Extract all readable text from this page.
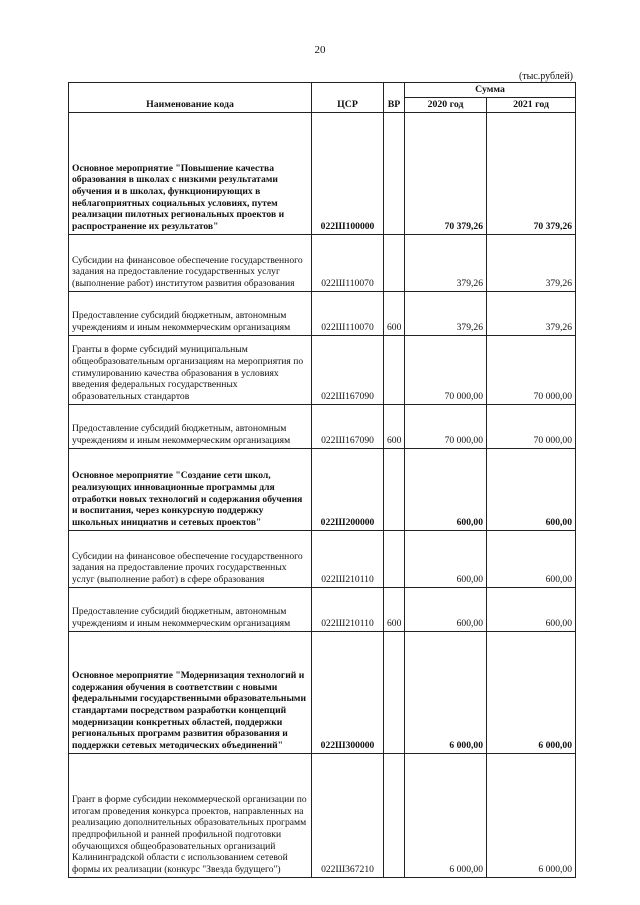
20
(тыс.рублей)
Наименование кода	ЦСР	ВР	Сумма	
			2020 год	2021 год
Основное мероприятие "Повышение качества образования в школах с низкими результатами обучения и в школах, функционирующих в неблагоприятных социальных условиях, путем реализации пилотных региональных проектов и распространение их результатов"	022Ш100000		70 379,26	70 379,26
Субсидии на финансовое обеспечение государственного задания на предоставление государственных услуг (выполнение работ) институтом развития образования	022Ш110070		379,26	379,26
Предоставление субсидий бюджетным, автономным учреждениям и иным некоммерческим организациям	022Ш110070	600	379,26	379,26
Гранты в форме субсидий муниципальным общеобразовательным организациям на мероприятия по стимулированию качества образования в условиях введения федеральных государственных образовательных стандартов	022Ш167090		70 000,00	70 000,00
Предоставление субсидий бюджетным, автономным учреждениям и иным некоммерческим организациям	022Ш167090	600	70 000,00	70 000,00
Основное мероприятие "Создание сети школ, реализующих инновационные программы для отработки новых технологий и содержания обучения и воспитания, через конкурсную поддержку школьных инициатив и сетевых проектов"	022Ш200000		600,00	600,00
Субсидии на финансовое обеспечение государственного задания на предоставление прочих государственных услуг (выполнение работ) в сфере образования	022Ш210110		600,00	600,00
Предоставление субсидий бюджетным, автономным учреждениям и иным некоммерческим организациям	022Ш210110	600	600,00	600,00
Основное мероприятие "Модернизация технологий и содержания обучения в соответствии с новыми федеральными государственными образовательными стандартами посредством разработки концепций модернизации конкретных областей, поддержки региональных программ развития образования и поддержки сетевых методических объединений"	022Ш300000		6 000,00	6 000,00
Грант в форме субсидии некоммерческой организации по итогам проведения конкурса проектов, направленных на реализацию дополнительных образовательных программ предпрофильной и ранней профильной подготовки обучающихся общеобразовательных организаций Калининградской области с использованием сетевой формы их реализации (конкурс "Звезда будущего")	022Ш367210		6 000,00	6 000,00
